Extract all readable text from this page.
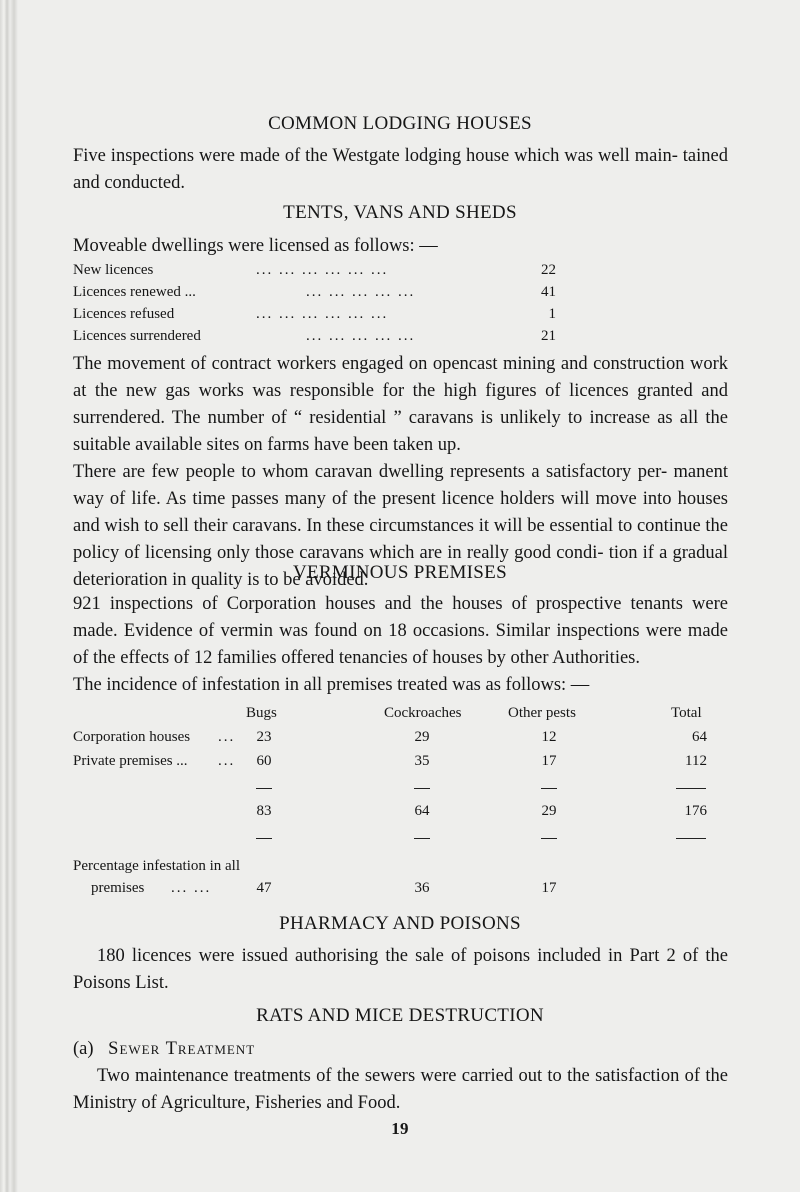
COMMON LODGING HOUSES
Five inspections were made of the Westgate lodging house which was well main- tained and conducted.
TENTS, VANS AND SHEDS
Moveable dwellings were licensed as follows: —
New licences	... ... ... ... ... ...	22
Licences renewed ...	... ... ... ... ...	41
Licences refused	... ... ... ... ... ...	1
Licences surrendered	... ... ... ... ...	21
The movement of contract workers engaged on opencast mining and construction work at the new gas works was responsible for the high figures of licences granted and surrendered. The number of “ residential ” caravans is unlikely to increase as all the suitable available sites on farms have been taken up.
There are few people to whom caravan dwelling represents a satisfactory per- manent way of life. As time passes many of the present licence holders will move into houses and wish to sell their caravans. In these circumstances it will be essential to continue the policy of licensing only those caravans which are in really good condi- tion if a gradual deterioration in quality is to be avoided.
VERMINOUS PREMISES
921 inspections of Corporation houses and the houses of prospective tenants were made. Evidence of vermin was found on 18 occasions. Similar inspections were made of the effects of 12 families offered tenancies of houses by other Authorities.
The incidence of infestation in all premises treated was as follows: —
Bugs	Cockroaches	Other pests	Total
Corporation houses ...	23	29	12	64
Private premises ... ...	60	35	17	112
83	64	29	176
Percentage infestation in all
premises ... ...	47	36	17
PHARMACY AND POISONS
180 licences were issued authorising the sale of poisons included in Part 2 of the Poisons List.
RATS AND MICE DESTRUCTION
(a) Sewer Treatment
Two maintenance treatments of the sewers were carried out to the satisfaction of the Ministry of Agriculture, Fisheries and Food.
19
